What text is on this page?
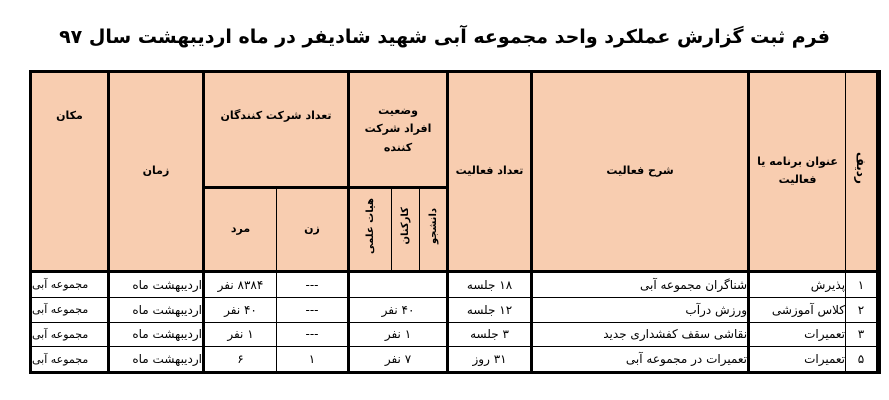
فرم ثبت گزارش عملکرد واحد مجموعه آبی شهید شادیفر در ماه اردیبهشت سال ۹۷
ردیف	عنوان برنامه یا فعالیت	شرح فعالیت	تعداد فعالیت	وضعیت افراد شرکت کننده			تعداد شرکت کنندگان		زمان	مکان
				دانشجو	کارکنان	هیات علمی	زن	مرد		
۱	پذیرش	شناگران مجموعه آبی	۱۸ جلسه				---	۸۳۸۴ نفر	اردیبهشت ماه	مجموعه آبی
۲	کلاس آموزشی	ورزش درآب	۱۲ جلسه	۴۰ نفر			---	۴۰ نفر	اردیبهشت ماه	مجموعه آبی
۳	تعمیرات	نقاشی سقف کفشداری جدید	۳ جلسه	۱ نفر			---	۱ نفر	اردیبهشت ماه	مجموعه آبی
۵	تعمیرات	تعمیرات در مجموعه آبی	۳۱ روز	۷ نفر			۱	۶	اردیبهشت ماه	مجموعه آبی
